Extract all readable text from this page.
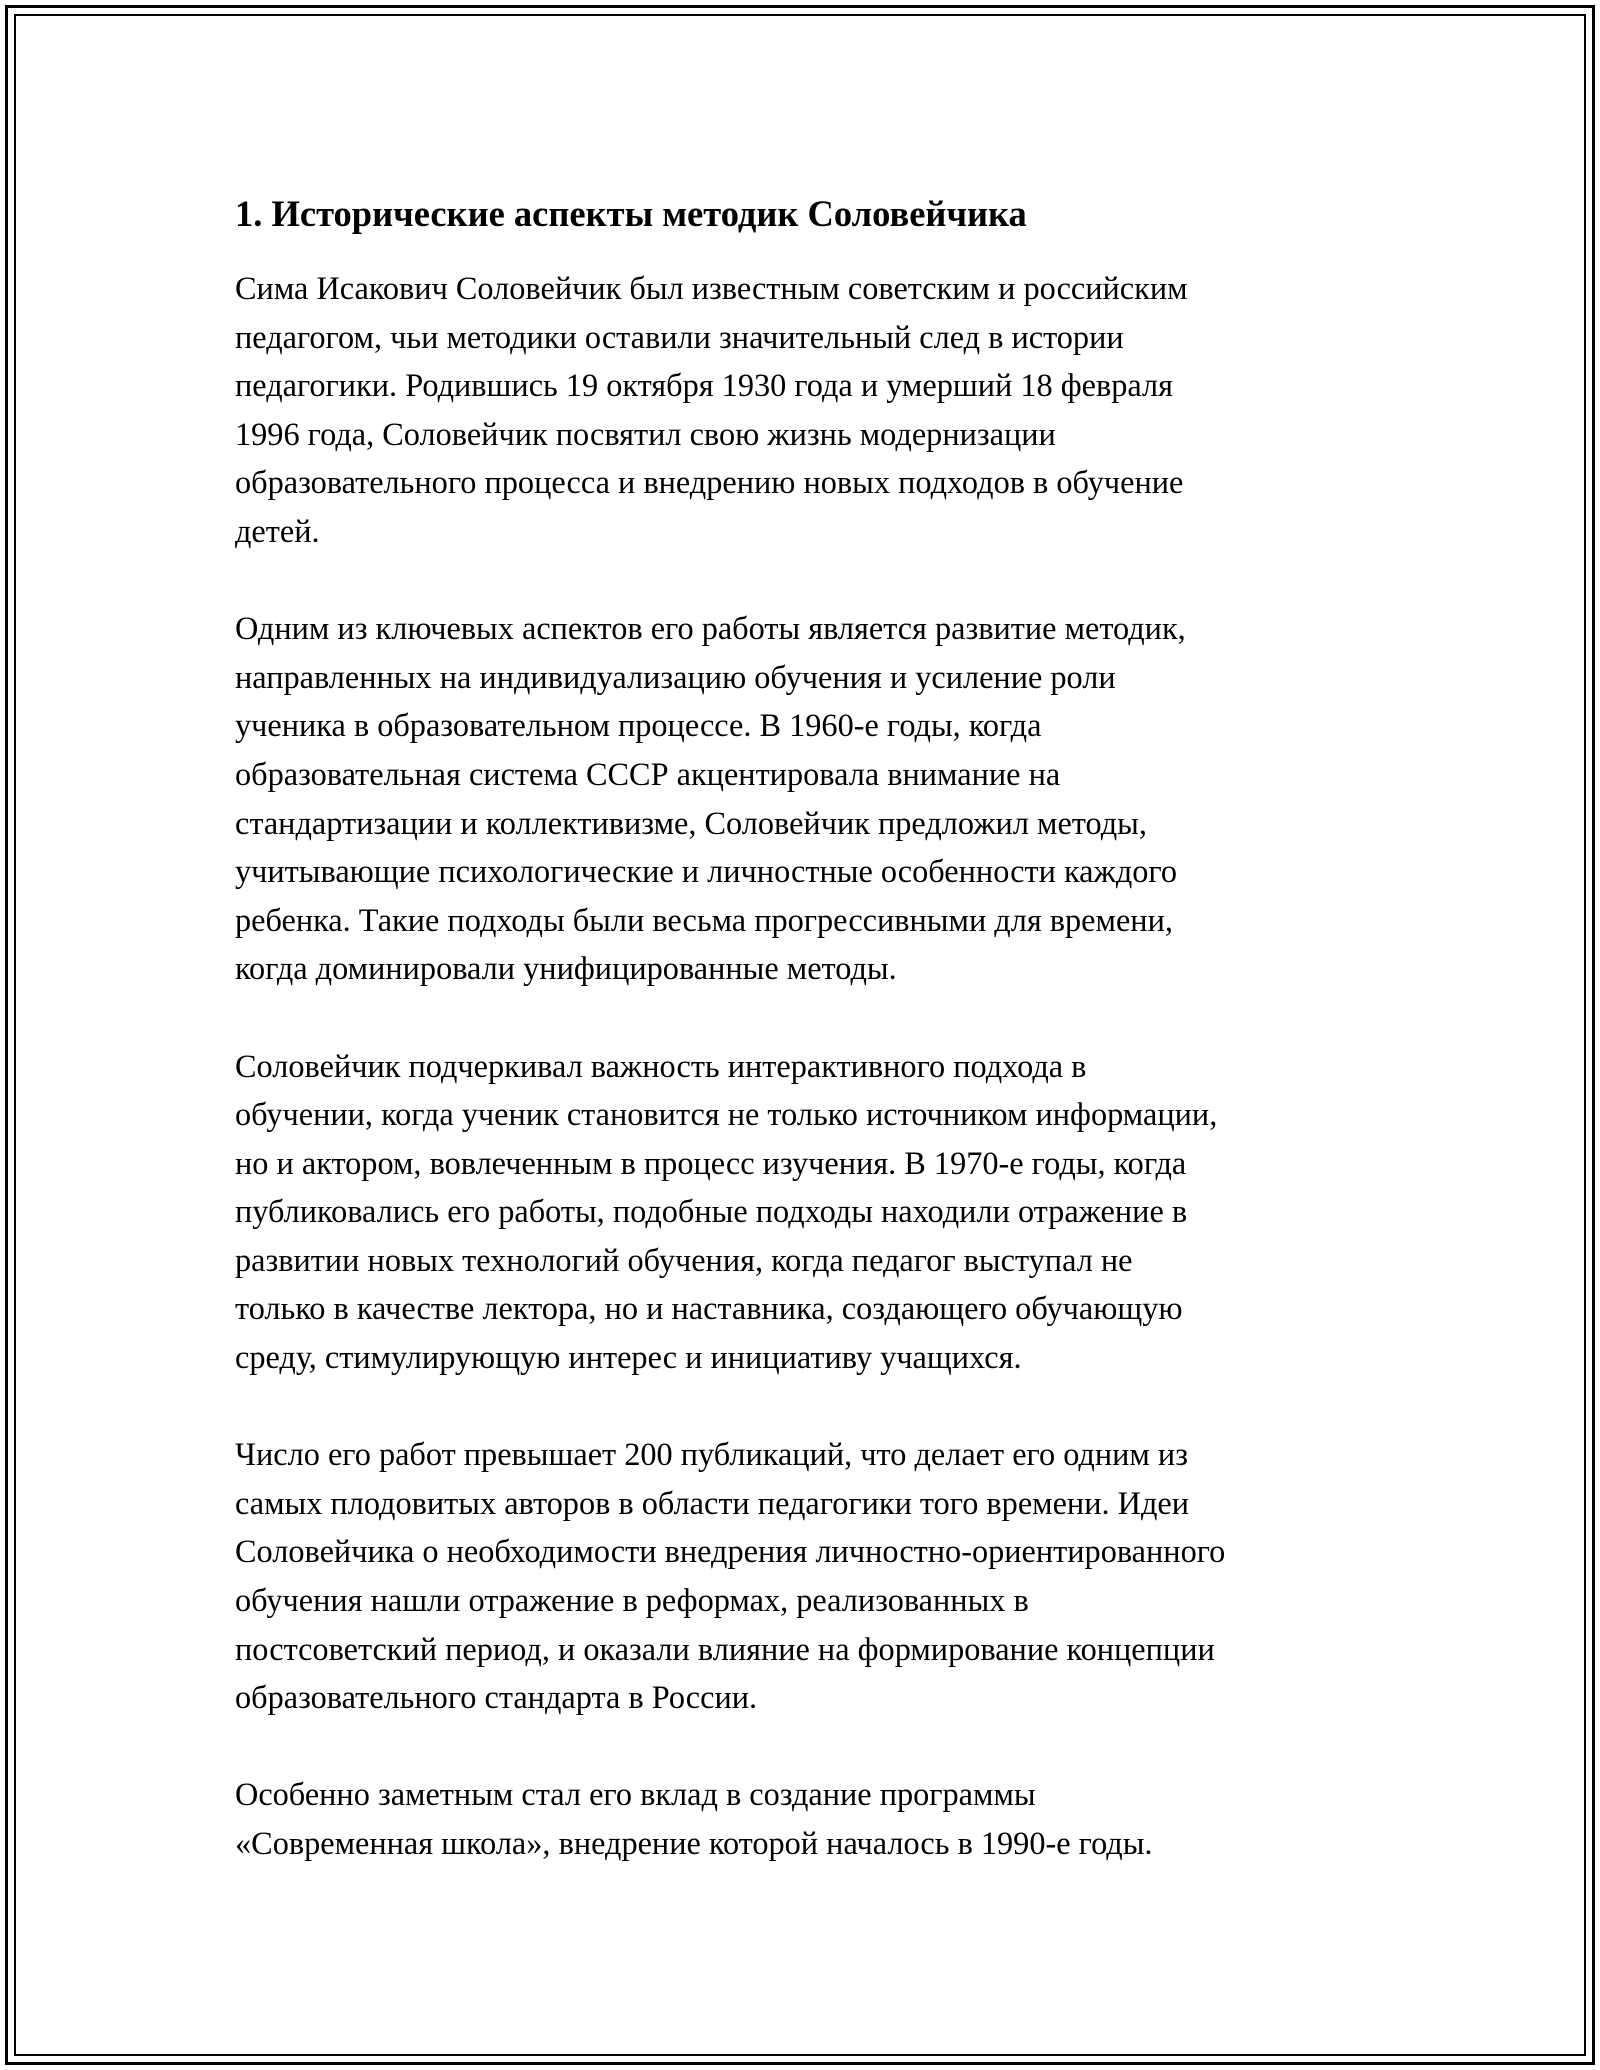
1. Исторические аспекты методик Соловейчика
Сима Исакович Соловейчик был известным советским и российским
педагогом, чьи методики оставили значительный след в истории
педагогики. Родившись 19 октября 1930 года и умерший 18 февраля
1996 года, Соловейчик посвятил свою жизнь модернизации
образовательного процесса и внедрению новых подходов в обучение
детей.
Одним из ключевых аспектов его работы является развитие методик,
направленных на индивидуализацию обучения и усиление роли
ученика в образовательном процессе. В 1960-е годы, когда
образовательная система СССР акцентировала внимание на
стандартизации и коллективизме, Соловейчик предложил методы,
учитывающие психологические и личностные особенности каждого
ребенка. Такие подходы были весьма прогрессивными для времени,
когда доминировали унифицированные методы.
Соловейчик подчеркивал важность интерактивного подхода в
обучении, когда ученик становится не только источником информации,
но и актором, вовлеченным в процесс изучения. В 1970-е годы, когда
публиковались его работы, подобные подходы находили отражение в
развитии новых технологий обучения, когда педагог выступал не
только в качестве лектора, но и наставника, создающего обучающую
среду, стимулирующую интерес и инициативу учащихся.
Число его работ превышает 200 публикаций, что делает его одним из
самых плодовитых авторов в области педагогики того времени. Идеи
Соловейчика о необходимости внедрения личностно-ориентированного
обучения нашли отражение в реформах, реализованных в
постсоветский период, и оказали влияние на формирование концепции
образовательного стандарта в России.
Особенно заметным стал его вклад в создание программы
«Современная школа», внедрение которой началось в 1990-е годы.
